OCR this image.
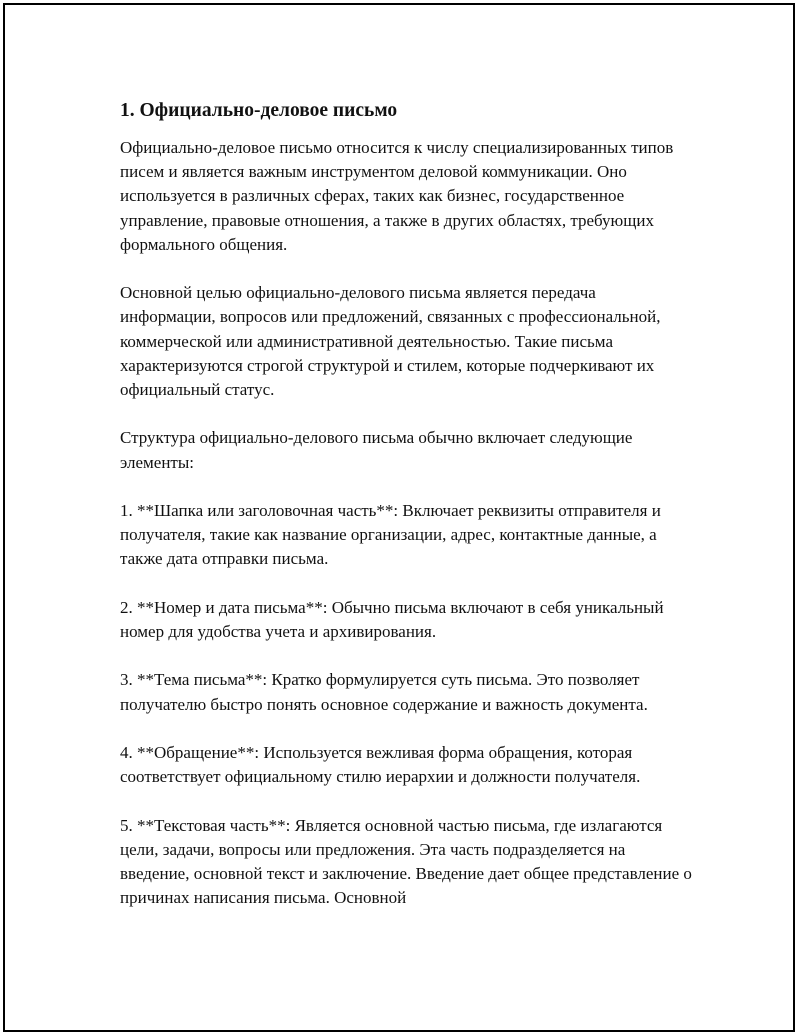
1. Официально-деловое письмо

Официально-деловое письмо относится к числу специализированных типов писем и является важным инструментом деловой коммуникации. Оно используется в различных сферах, таких как бизнес, государственное управление, правовые отношения, а также в других областях, требующих формального общения.

Основной целью официально-делового письма является передача информации, вопросов или предложений, связанных с профессиональной, коммерческой или административной деятельностью. Такие письма характеризуются строгой структурой и стилем, которые подчеркивают их официальный статус.

Структура официально-делового письма обычно включает следующие элементы:

1. **Шапка или заголовочная часть**: Включает реквизиты отправителя и получателя, такие как название организации, адрес, контактные данные, а также дата отправки письма.

2. **Номер и дата письма**: Обычно письма включают в себя уникальный номер для удобства учета и архивирования.

3. **Тема письма**: Кратко формулируется суть письма. Это позволяет получателю быстро понять основное содержание и важность документа.

4. **Обращение**: Используется вежливая форма обращения, которая соответствует официальному стилю иерархии и должности получателя.

5. **Текстовая часть**: Является основной частью письма, где излагаются цели, задачи, вопросы или предложения. Эта часть подразделяется на введение, основной текст и заключение. Введение дает общее представление о причинах написания письма. Основной
